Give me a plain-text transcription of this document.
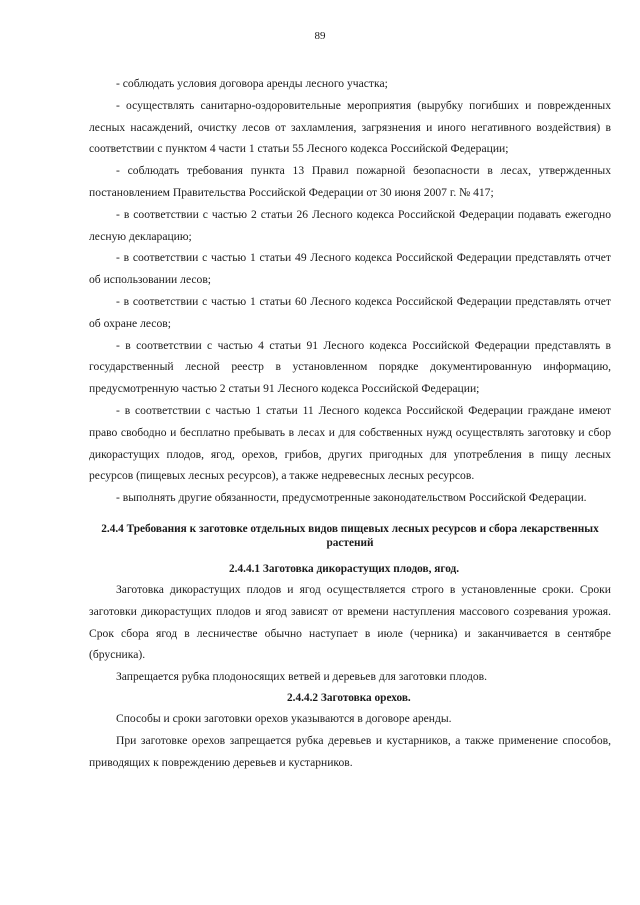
89

- соблюдать условия договора аренды лесного участка;

- осуществлять санитарно-оздоровительные мероприятия (вырубку погибших и поврежденных лесных насаждений, очистку лесов от захламления, загрязнения и иного негативного воздействия) в соответствии с пунктом 4 части 1 статьи 55 Лесного кодекса Российской Федерации;

- соблюдать требования пункта 13 Правил пожарной безопасности в лесах, утвержденных постановлением Правительства Российской Федерации от 30 июня 2007 г. № 417;

- в соответствии с частью 2 статьи 26 Лесного кодекса Российской Федерации подавать ежегодно лесную декларацию;

- в соответствии с частью 1 статьи 49 Лесного кодекса Российской Федерации представлять отчет об использовании лесов;

- в соответствии с частью 1 статьи 60 Лесного кодекса Российской Федерации представлять отчет об охране лесов;

- в соответствии с частью 4 статьи 91 Лесного кодекса Российской Федерации представлять в государственный лесной реестр в установленном порядке документированную информацию, предусмотренную частью 2 статьи 91 Лесного кодекса Российской Федерации;

- в соответствии с частью 1 статьи 11 Лесного кодекса Российской Федерации граждане имеют право свободно и бесплатно пребывать в лесах и для собственных нужд осуществлять заготовку и сбор дикорастущих плодов, ягод, орехов, грибов, других пригодных для употребления в пищу лесных ресурсов (пищевых лесных ресурсов), а также недревесных лесных ресурсов.

- выполнять другие обязанности, предусмотренные законодательством Российской Федерации.

2.4.4 Требования к заготовке отдельных видов пищевых лесных ресурсов и сбора лекарственных растений

2.4.4.1 Заготовка дикорастущих плодов, ягод.

Заготовка дикорастущих плодов и ягод осуществляется строго в установленные сроки. Сроки заготовки дикорастущих плодов и ягод зависят от времени наступления массового созревания урожая. Срок сбора ягод в лесничестве обычно наступает в июле (черника) и заканчивается в сентябре (брусника).

Запрещается рубка плодоносящих ветвей и деревьев для заготовки плодов.

2.4.4.2 Заготовка орехов.

Способы и сроки заготовки орехов указываются в договоре аренды.

При заготовке орехов запрещается рубка деревьев и кустарников, а также применение способов, приводящих к повреждению деревьев и кустарников.
